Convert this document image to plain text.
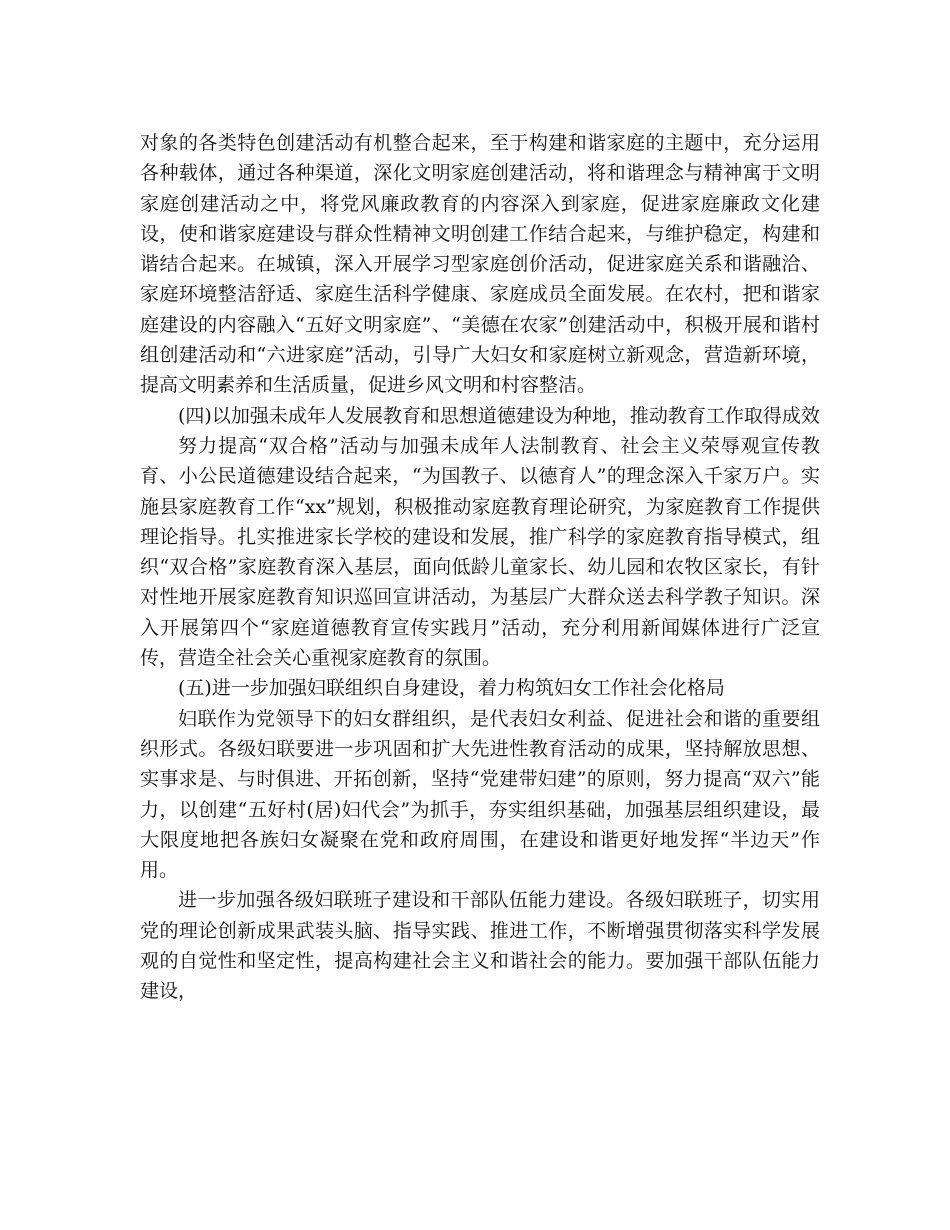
对象的各类特色创建活动有机整合起来，至于构建和谐家庭的主题中，充分运用各种载体，通过各种渠道，深化文明家庭创建活动，将和谐理念与精神寓于文明家庭创建活动之中，将党风廉政教育的内容深入到家庭，促进家庭廉政文化建设，使和谐家庭建设与群众性精神文明创建工作结合起来，与维护稳定，构建和谐结合起来。在城镇，深入开展学习型家庭创价活动，促进家庭关系和谐融洽、家庭环境整洁舒适、家庭生活科学健康、家庭成员全面发展。在农村，把和谐家庭建设的内容融入“五好文明家庭”、“美德在农家”创建活动中，积极开展和谐村组创建活动和“六进家庭”活动，引导广大妇女和家庭树立新观念，营造新环境，提高文明素养和生活质量，促进乡风文明和村容整洁。

(四)以加强未成年人发展教育和思想道德建设为种地，推动教育工作取得成效

努力提高“双合格”活动与加强未成年人法制教育、社会主义荣辱观宣传教育、小公民道德建设结合起来，“为国教子、以德育人”的理念深入千家万户。实施县家庭教育工作“xx”规划，积极推动家庭教育理论研究，为家庭教育工作提供理论指导。扎实推进家长学校的建设和发展，推广科学的家庭教育指导模式，组织“双合格”家庭教育深入基层，面向低龄儿童家长、幼儿园和农牧区家长，有针对性地开展家庭教育知识巡回宣讲活动，为基层广大群众送去科学教子知识。深入开展第四个“家庭道德教育宣传实践月”活动，充分利用新闻媒体进行广泛宣传，营造全社会关心重视家庭教育的氛围。

(五)进一步加强妇联组织自身建设，着力构筑妇女工作社会化格局

妇联作为党领导下的妇女群组织，是代表妇女利益、促进社会和谐的重要组织形式。各级妇联要进一步巩固和扩大先进性教育活动的成果，坚持解放思想、实事求是、与时俱进、开拓创新，坚持“党建带妇建”的原则，努力提高“双六”能力，以创建“五好村(居)妇代会”为抓手，夯实组织基础，加强基层组织建设，最大限度地把各族妇女凝聚在党和政府周围，在建设和谐更好地发挥“半边天”作用。

进一步加强各级妇联班子建设和干部队伍能力建设。各级妇联班子，切实用党的理论创新成果武装头脑、指导实践、推进工作，不断增强贯彻落实科学发展观的自觉性和坚定性，提高构建社会主义和谐社会的能力。要加强干部队伍能力建设，
